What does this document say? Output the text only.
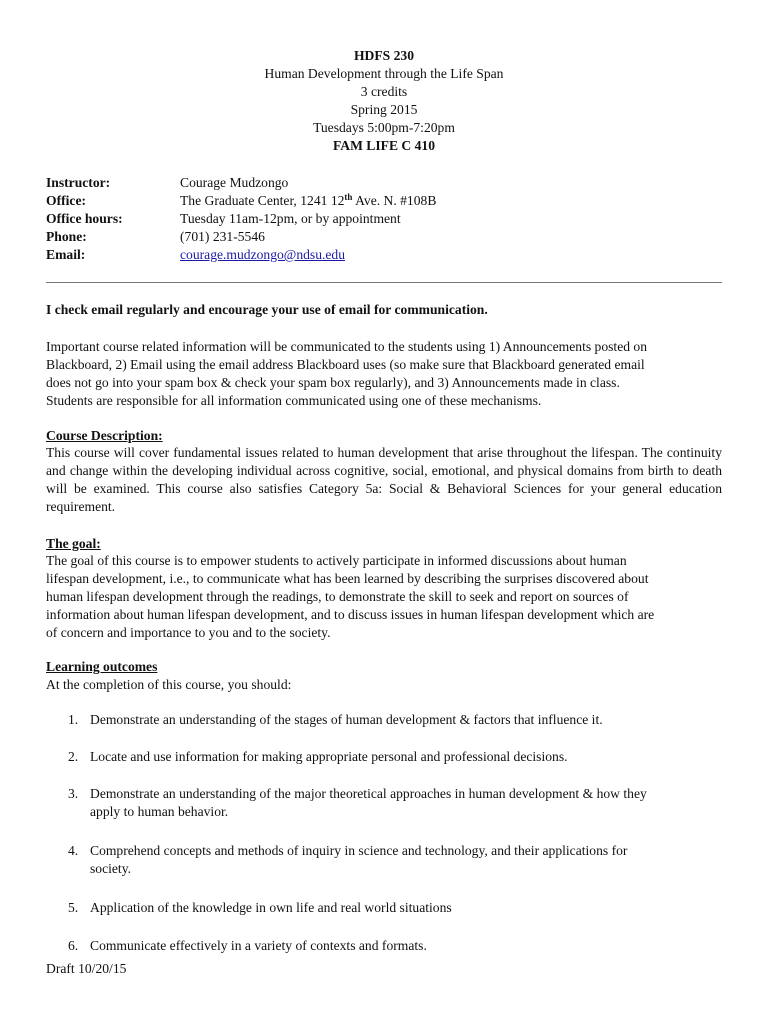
HDFS 230
Human Development through the Life Span
3 credits
Spring 2015
Tuesdays 5:00pm-7:20pm
FAM LIFE C 410
Instructor:	Courage Mudzongo
Office:	The Graduate Center, 1241 12th Ave. N. #108B
Office hours:	Tuesday 11am-12pm, or by appointment
Phone:	(701) 231-5546
Email:	courage.mudzongo@ndsu.edu
I check email regularly and encourage your use of email for communication.
Important course related information will be communicated to the students using 1) Announcements posted on
Blackboard, 2) Email using the email address Blackboard uses (so make sure that Blackboard generated email
does not go into your spam box & check your spam box regularly), and 3) Announcements made in class.
Students are responsible for all information communicated using one of these mechanisms.
Course Description:
This course will cover fundamental issues related to human development that arise throughout the lifespan. The continuity and change within the developing individual across cognitive, social, emotional, and physical domains from birth to death will be examined. This course also satisfies Category 5a: Social & Behavioral Sciences for your general education requirement.
The goal:
The goal of this course is to empower students to actively participate in informed discussions about human
lifespan development, i.e., to communicate what has been learned by describing the surprises discovered about
human lifespan development through the readings, to demonstrate the skill to seek and report on sources of
information about human lifespan development, and to discuss issues in human lifespan development which are
of concern and importance to you and to the society.
Learning outcomes
At the completion of this course, you should:
1. Demonstrate an understanding of the stages of human development & factors that influence it.
2. Locate and use information for making appropriate personal and professional decisions.
3. Demonstrate an understanding of the major theoretical approaches in human development & how they
apply to human behavior.
4. Comprehend concepts and methods of inquiry in science and technology, and their applications for
society.
5. Application of the knowledge in own life and real world situations
6. Communicate effectively in a variety of contexts and formats.
Draft 10/20/15
